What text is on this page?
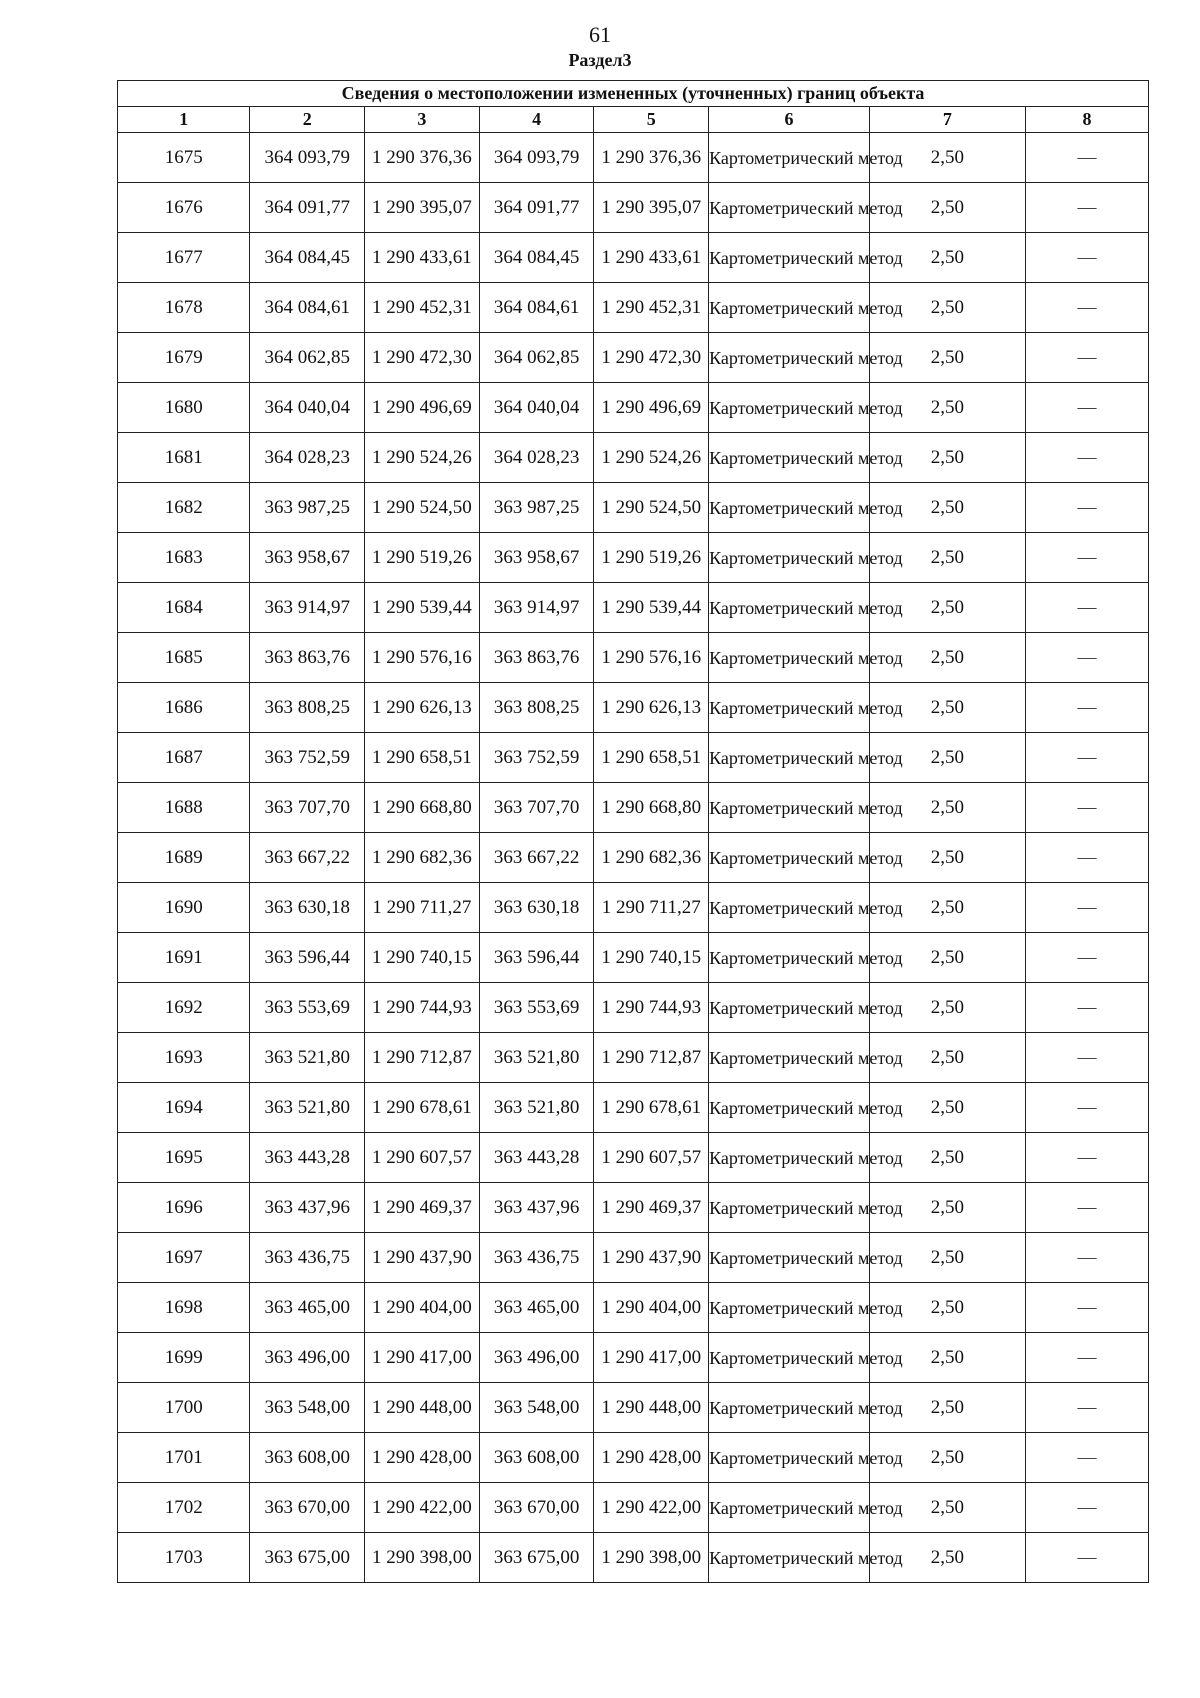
61
Раздел3
Сведения о местоположении измененных (уточненных) границ объекта							
1	2	3	4	5	6	7	8
1675	364 093,79	1 290 376,36	364 093,79	1 290 376,36	Картометрический метод	2,50	—
1676	364 091,77	1 290 395,07	364 091,77	1 290 395,07	Картометрический метод	2,50	—
1677	364 084,45	1 290 433,61	364 084,45	1 290 433,61	Картометрический метод	2,50	—
1678	364 084,61	1 290 452,31	364 084,61	1 290 452,31	Картометрический метод	2,50	—
1679	364 062,85	1 290 472,30	364 062,85	1 290 472,30	Картометрический метод	2,50	—
1680	364 040,04	1 290 496,69	364 040,04	1 290 496,69	Картометрический метод	2,50	—
1681	364 028,23	1 290 524,26	364 028,23	1 290 524,26	Картометрический метод	2,50	—
1682	363 987,25	1 290 524,50	363 987,25	1 290 524,50	Картометрический метод	2,50	—
1683	363 958,67	1 290 519,26	363 958,67	1 290 519,26	Картометрический метод	2,50	—
1684	363 914,97	1 290 539,44	363 914,97	1 290 539,44	Картометрический метод	2,50	—
1685	363 863,76	1 290 576,16	363 863,76	1 290 576,16	Картометрический метод	2,50	—
1686	363 808,25	1 290 626,13	363 808,25	1 290 626,13	Картометрический метод	2,50	—
1687	363 752,59	1 290 658,51	363 752,59	1 290 658,51	Картометрический метод	2,50	—
1688	363 707,70	1 290 668,80	363 707,70	1 290 668,80	Картометрический метод	2,50	—
1689	363 667,22	1 290 682,36	363 667,22	1 290 682,36	Картометрический метод	2,50	—
1690	363 630,18	1 290 711,27	363 630,18	1 290 711,27	Картометрический метод	2,50	—
1691	363 596,44	1 290 740,15	363 596,44	1 290 740,15	Картометрический метод	2,50	—
1692	363 553,69	1 290 744,93	363 553,69	1 290 744,93	Картометрический метод	2,50	—
1693	363 521,80	1 290 712,87	363 521,80	1 290 712,87	Картометрический метод	2,50	—
1694	363 521,80	1 290 678,61	363 521,80	1 290 678,61	Картометрический метод	2,50	—
1695	363 443,28	1 290 607,57	363 443,28	1 290 607,57	Картометрический метод	2,50	—
1696	363 437,96	1 290 469,37	363 437,96	1 290 469,37	Картометрический метод	2,50	—
1697	363 436,75	1 290 437,90	363 436,75	1 290 437,90	Картометрический метод	2,50	—
1698	363 465,00	1 290 404,00	363 465,00	1 290 404,00	Картометрический метод	2,50	—
1699	363 496,00	1 290 417,00	363 496,00	1 290 417,00	Картометрический метод	2,50	—
1700	363 548,00	1 290 448,00	363 548,00	1 290 448,00	Картометрический метод	2,50	—
1701	363 608,00	1 290 428,00	363 608,00	1 290 428,00	Картометрический метод	2,50	—
1702	363 670,00	1 290 422,00	363 670,00	1 290 422,00	Картометрический метод	2,50	—
1703	363 675,00	1 290 398,00	363 675,00	1 290 398,00	Картометрический метод	2,50	—
